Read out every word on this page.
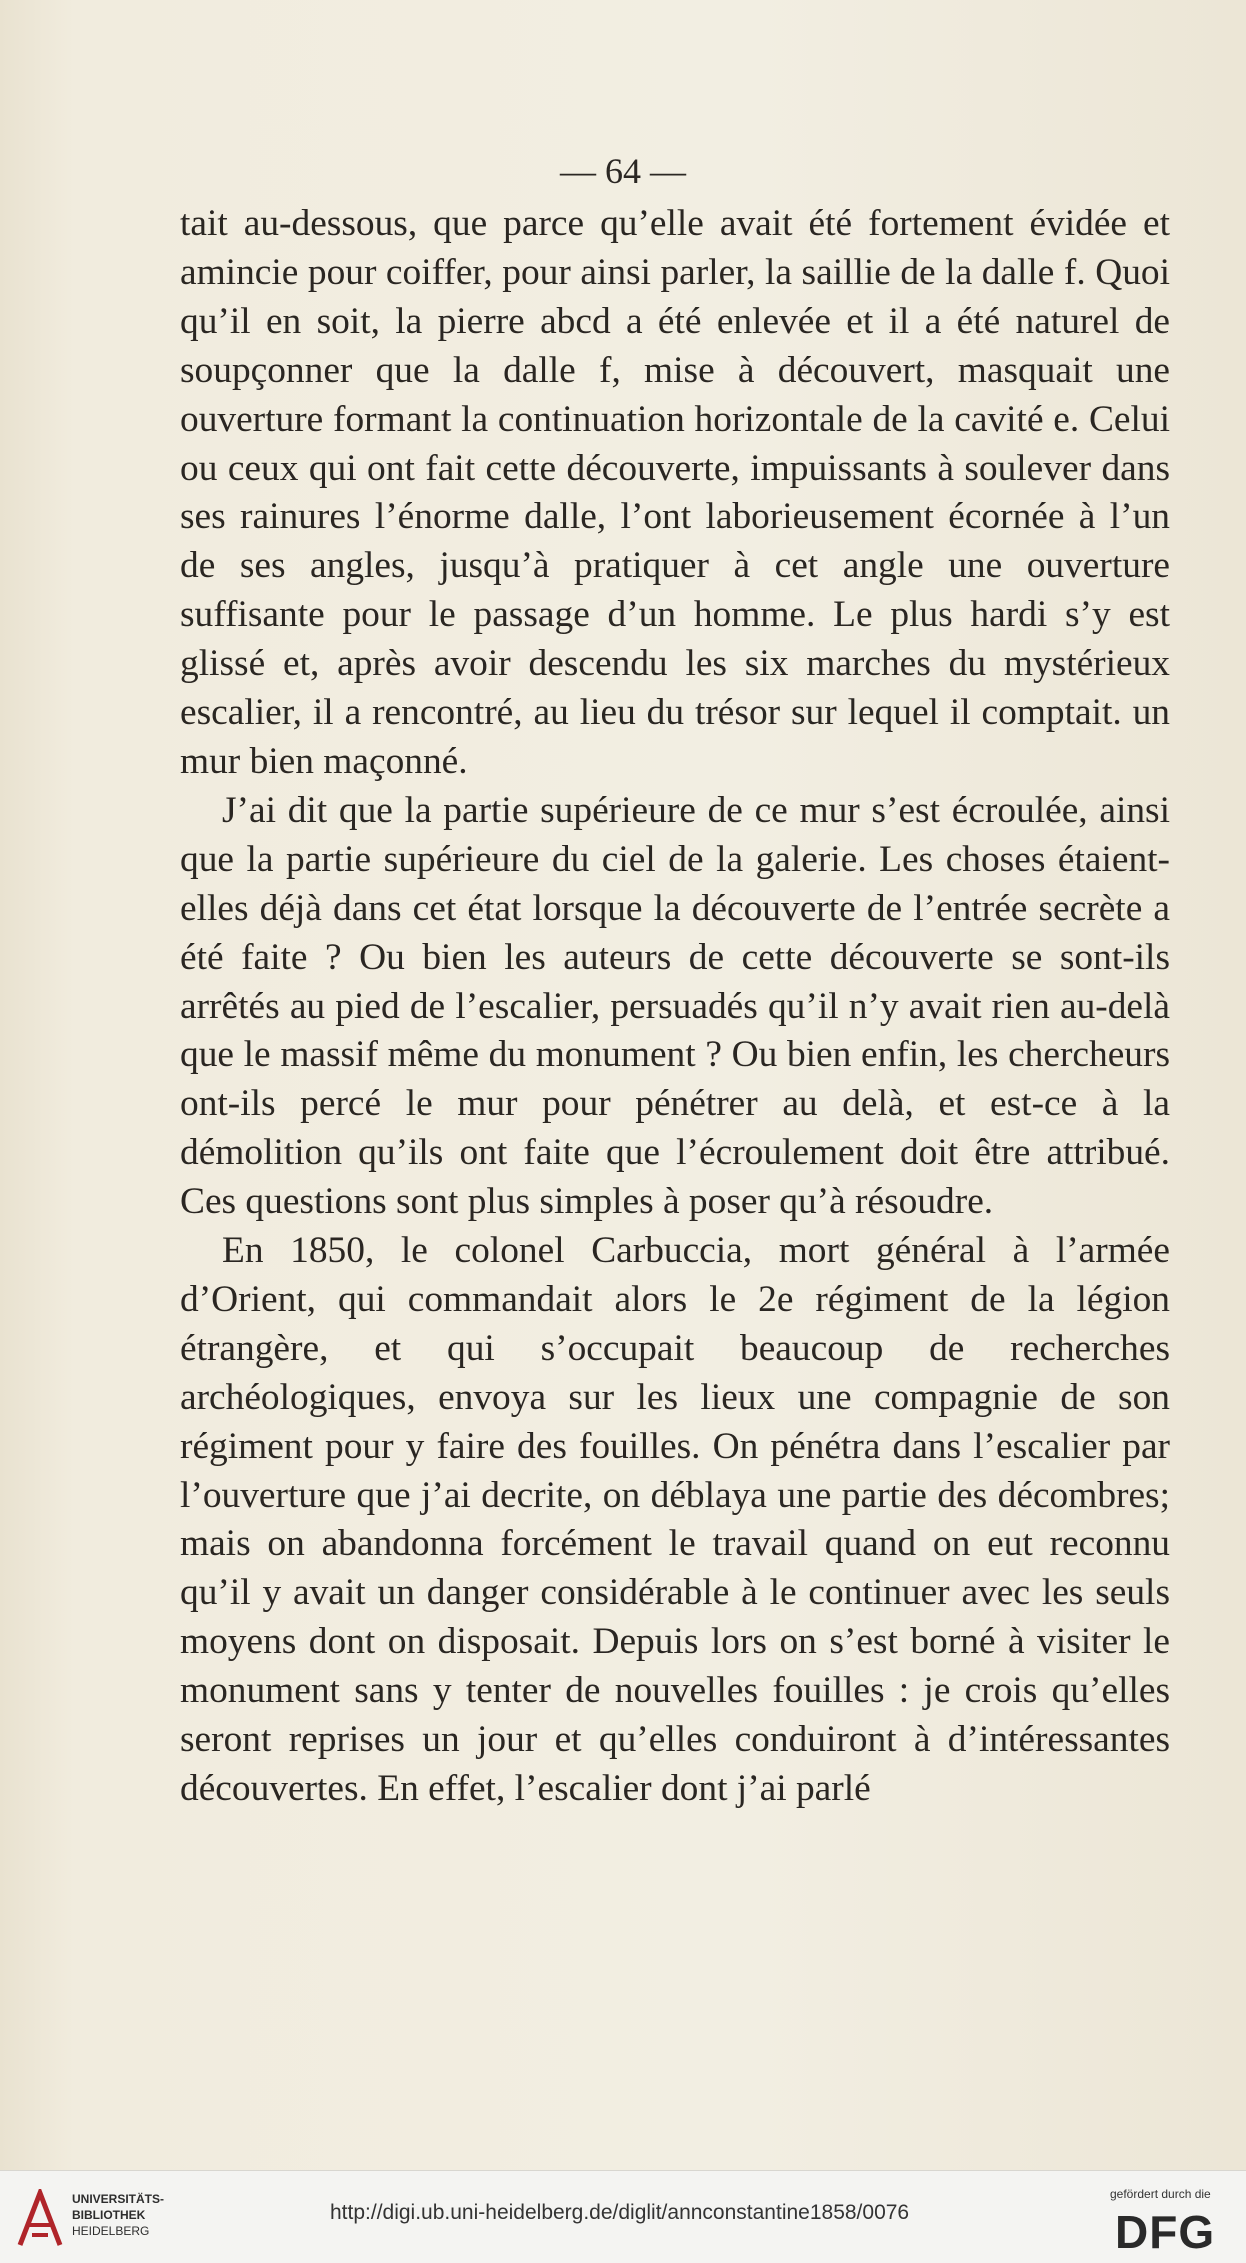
— 64 —

tait au-dessous, que parce qu’elle avait été fortement évidée et amincie pour coiffer, pour ainsi parler, la saillie de la dalle f. Quoi qu’il en soit, la pierre abcd a été enlevée et il a été naturel de soupçonner que la dalle f, mise à découvert, masquait une ouverture formant la continuation horizontale de la cavité e. Celui ou ceux qui ont fait cette découverte, impuissants à soulever dans ses rainures l’énorme dalle, l’ont laborieusement écornée à l’un de ses angles, jusqu’à pratiquer à cet angle une ouverture suffisante pour le passage d’un homme. Le plus hardi s’y est glissé et, après avoir descendu les six marches du mystérieux escalier, il a rencontré, au lieu du trésor sur lequel il comptait. un mur bien maçonné.

J’ai dit que la partie supérieure de ce mur s’est écroulée, ainsi que la partie supérieure du ciel de la galerie. Les choses étaient-elles déjà dans cet état lorsque la découverte de l’entrée secrète a été faite ? Ou bien les auteurs de cette découverte se sont-ils arrêtés au pied de l’escalier, persuadés qu’il n’y avait rien au-delà que le massif même du monument ? Ou bien enfin, les chercheurs ont-ils percé le mur pour pénétrer au delà, et est-ce à la démolition qu’ils ont faite que l’écroulement doit être attribué. Ces questions sont plus simples à poser qu’à résoudre.

En 1850, le colonel Carbuccia, mort général à l’armée d’Orient, qui commandait alors le 2e régiment de la légion étrangère, et qui s’occupait beaucoup de recherches archéologiques, envoya sur les lieux une compagnie de son régiment pour y faire des fouilles. On pénétra dans l’escalier par l’ouverture que j’ai decrite, on déblaya une partie des décombres; mais on abandonna forcément le travail quand on eut reconnu qu’il y avait un danger considérable à le continuer avec les seuls moyens dont on disposait. Depuis lors on s’est borné à visiter le monument sans y tenter de nouvelles fouilles : je crois qu’elles seront reprises un jour et qu’elles conduiront à d’intéressantes découvertes. En effet, l’escalier dont j’ai parlé

UNIVERSITÄTS-
BIBLIOTHEK
HEIDELBERG
http://digi.ub.uni-heidelberg.de/diglit/annconstantine1858/0076
gefördert durch die
DFG
